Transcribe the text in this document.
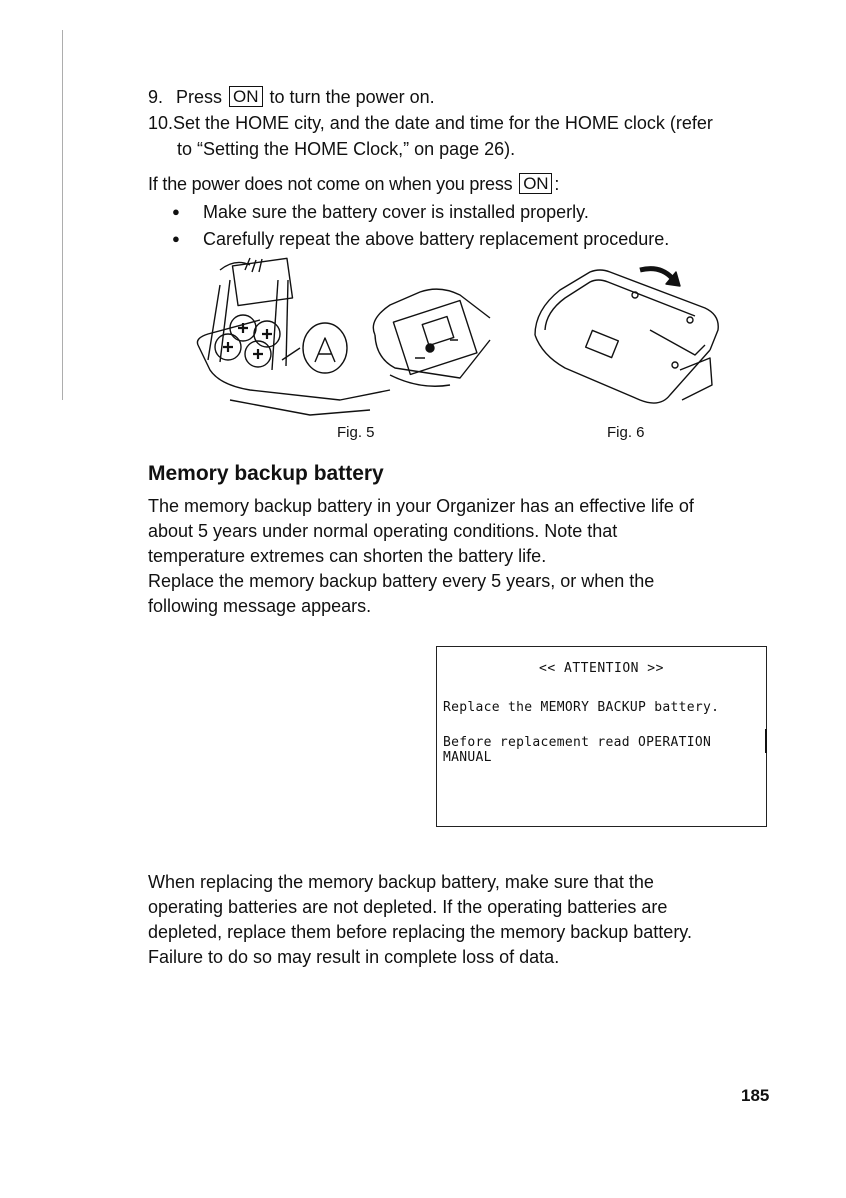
9. Press ON to turn the power on.
10.Set the HOME city, and the date and time for the HOME clock (refer
to “Setting the HOME Clock,” on page 26).
If the power does not come on when you press ON :
● Make sure the battery cover is installed properly.
● Carefully repeat the above battery replacement procedure.
Fig. 5	Fig. 6
Memory backup battery
The memory backup battery in your Organizer has an effective life of
about 5 years under normal operating conditions. Note that
temperature extremes can shorten the battery life.
Replace the memory backup battery every 5 years, or when the
following message appears.
<< ATTENTION >>
Replace the MEMORY BACKUP battery.
Before replacement read OPERATION MANUAL
When replacing the memory backup battery, make sure that the
operating batteries are not depleted. If the operating batteries are
depleted, replace them before replacing the memory backup battery.
Failure to do so may result in complete loss of data.
185
